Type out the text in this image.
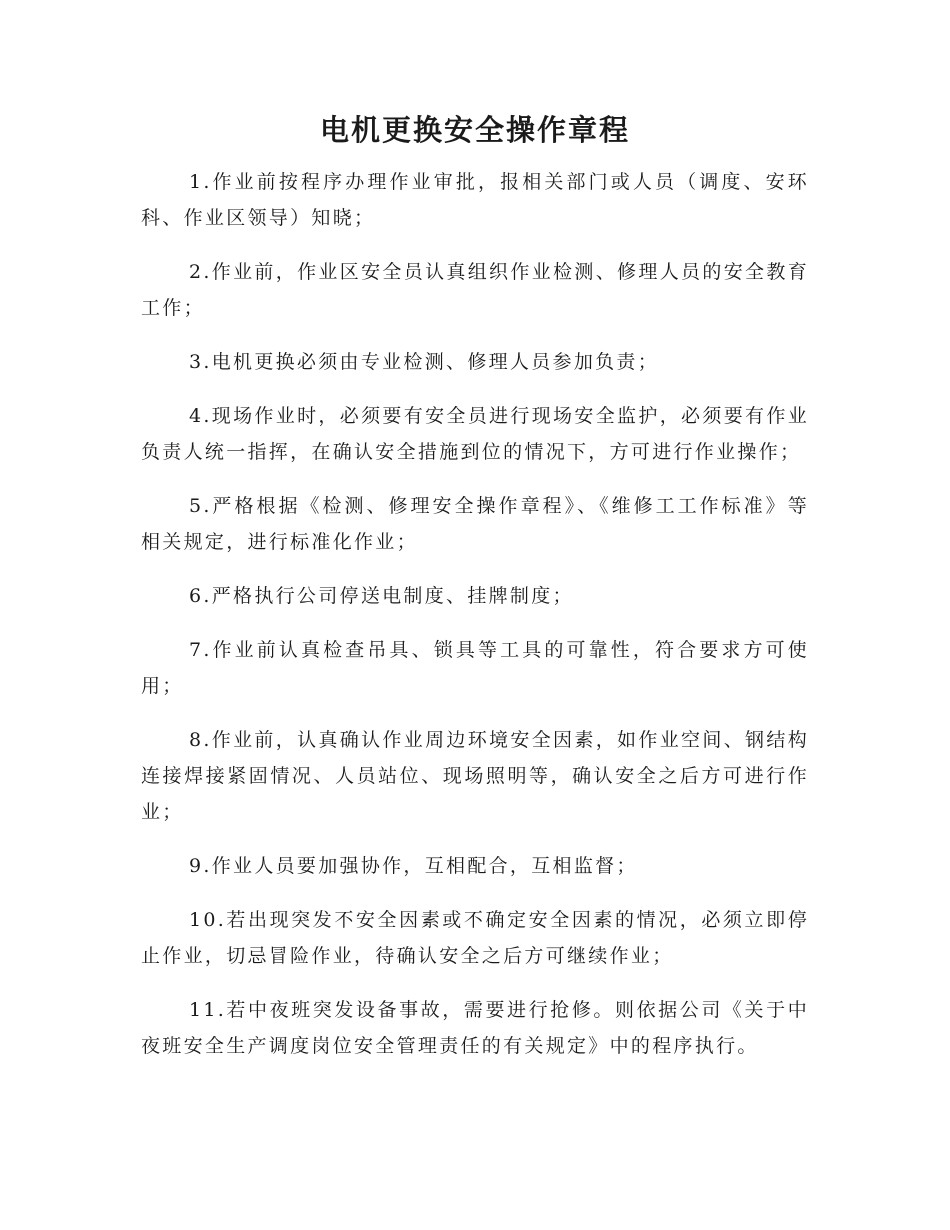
电机更换安全操作章程

1.作业前按程序办理作业审批，报相关部门或人员（调度、安环科、作业区领导）知晓；

2.作业前，作业区安全员认真组织作业检测、修理人员的安全教育工作；

3.电机更换必须由专业检测、修理人员参加负责；

4.现场作业时，必须要有安全员进行现场安全监护，必须要有作业负责人统一指挥，在确认安全措施到位的情况下，方可进行作业操作；

5.严格根据《检测、修理安全操作章程》、《维修工工作标准》等相关规定，进行标准化作业；

6.严格执行公司停送电制度、挂牌制度；

7.作业前认真检查吊具、锁具等工具的可靠性，符合要求方可使用；

8.作业前，认真确认作业周边环境安全因素，如作业空间、钢结构连接焊接紧固情况、人员站位、现场照明等，确认安全之后方可进行作业；

9.作业人员要加强协作，互相配合，互相监督；

10.若出现突发不安全因素或不确定安全因素的情况，必须立即停止作业，切忌冒险作业，待确认安全之后方可继续作业；

11.若中夜班突发设备事故，需要进行抢修。则依据公司《关于中夜班安全生产调度岗位安全管理责任的有关规定》中的程序执行。
